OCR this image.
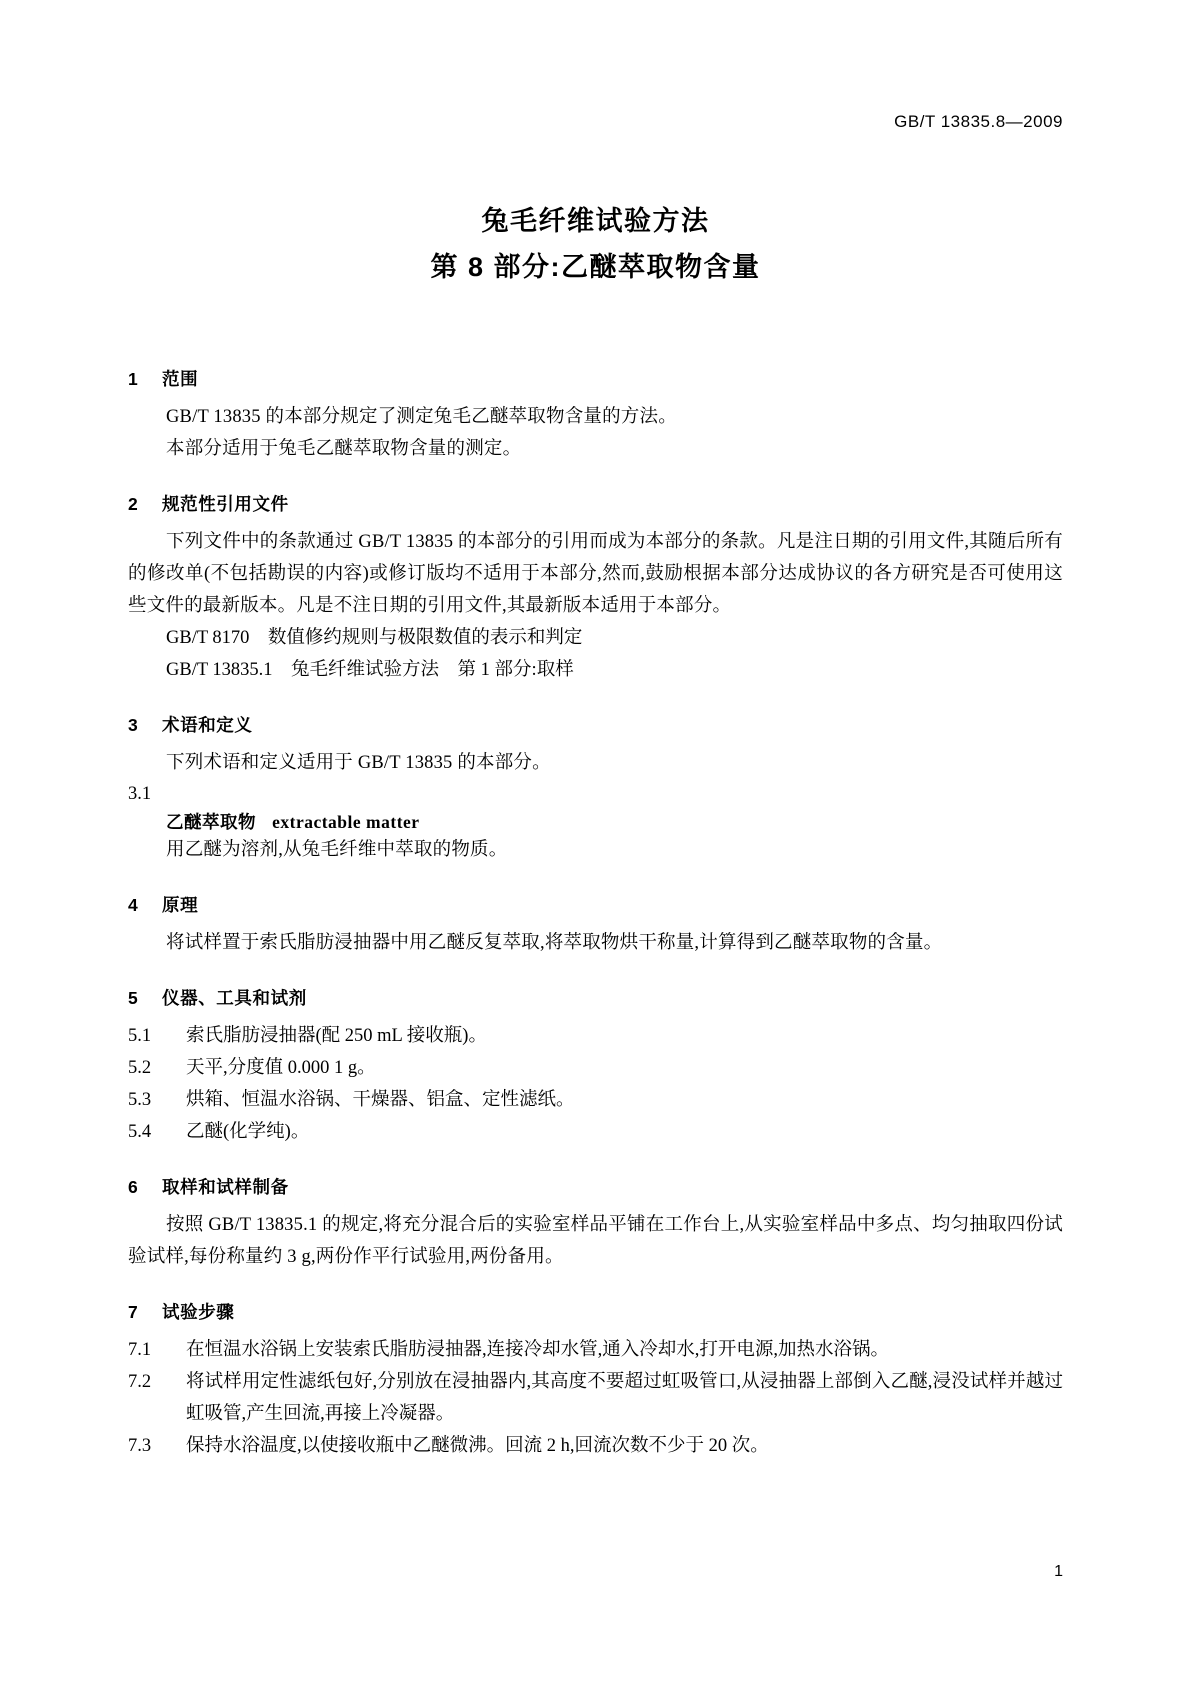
GB/T 13835.8—2009
兔毛纤维试验方法
第 8 部分:乙醚萃取物含量
1 范围
GB/T 13835 的本部分规定了测定兔毛乙醚萃取物含量的方法。
本部分适用于兔毛乙醚萃取物含量的测定。
2 规范性引用文件
下列文件中的条款通过 GB/T 13835 的本部分的引用而成为本部分的条款。凡是注日期的引用文件,其随后所有的修改单(不包括勘误的内容)或修订版均不适用于本部分,然而,鼓励根据本部分达成协议的各方研究是否可使用这些文件的最新版本。凡是不注日期的引用文件,其最新版本适用于本部分。
GB/T 8170　数值修约规则与极限数值的表示和判定
GB/T 13835.1　兔毛纤维试验方法　第 1 部分:取样
3 术语和定义
下列术语和定义适用于 GB/T 13835 的本部分。
3.1
乙醚萃取物 extractable matter
用乙醚为溶剂,从兔毛纤维中萃取的物质。
4 原理
将试样置于索氏脂肪浸抽器中用乙醚反复萃取,将萃取物烘干称量,计算得到乙醚萃取物的含量。
5 仪器、工具和试剂
5.1	索氏脂肪浸抽器(配 250 mL 接收瓶)。
5.2	天平,分度值 0.000 1 g。
5.3	烘箱、恒温水浴锅、干燥器、铝盒、定性滤纸。
5.4	乙醚(化学纯)。
6 取样和试样制备
按照 GB/T 13835.1 的规定,将充分混合后的实验室样品平铺在工作台上,从实验室样品中多点、均匀抽取四份试验试样,每份称量约 3 g,两份作平行试验用,两份备用。
7 试验步骤
7.1	在恒温水浴锅上安装索氏脂肪浸抽器,连接冷却水管,通入冷却水,打开电源,加热水浴锅。
7.2	将试样用定性滤纸包好,分别放在浸抽器内,其高度不要超过虹吸管口,从浸抽器上部倒入乙醚,浸没试样并越过虹吸管,产生回流,再接上冷凝器。
7.3	保持水浴温度,以使接收瓶中乙醚微沸。回流 2 h,回流次数不少于 20 次。
1
